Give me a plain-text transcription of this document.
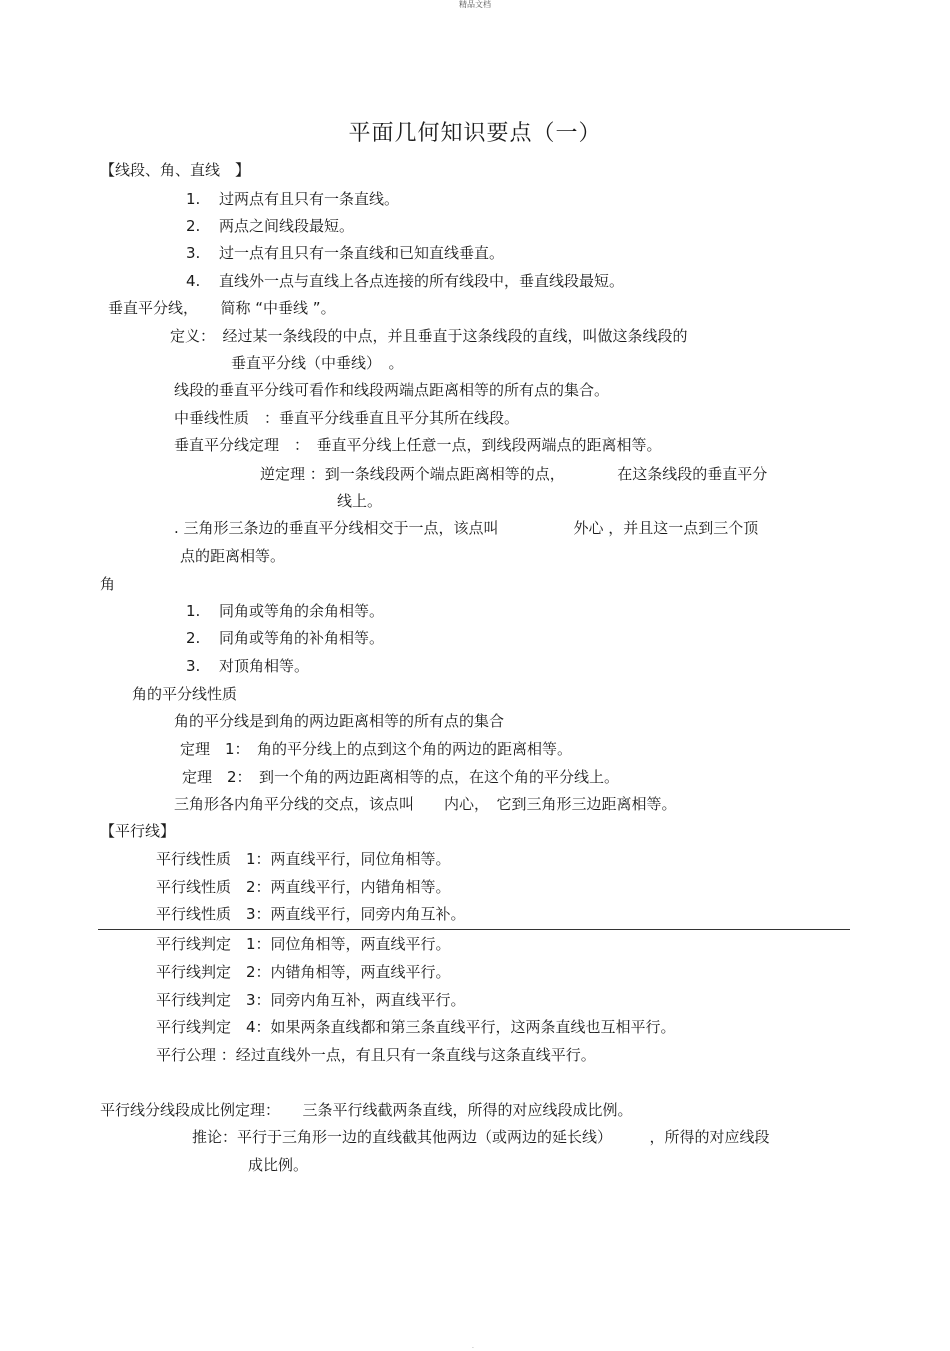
精品文档
平面几何知识要点（一）
【线段、角、直线　】
1. 过两点有且只有一条直线。
2. 两点之间线段最短。
3. 过一点有且只有一条直线和已知直线垂直。
4. 直线外一点与直线上各点连接的所有线段中，垂直线段最短。
垂直平分线，　　简称 “中垂线 ”。
定义：　经过某一条线段的中点，并且垂直于这条线段的直线，叫做这条线段的
垂直平分线（中垂线）　。
线段的垂直平分线可看作和线段两端点距离相等的所有点的集合。
中垂线性质　：垂直平分线垂直且平分其所在线段。
垂直平分线定理　：　垂直平分线上任意一点，到线段两端点的距离相等。
逆定理 ：到一条线段两个端点距离相等的点，　　　　在这条线段的垂直平分
线上。
. 三角形三条边的垂直平分线相交于一点，该点叫　　　　　外心 ，并且这一点到三个顶
点的距离相等。
角
1. 同角或等角的余角相等。
2. 同角或等角的补角相等。
3. 对顶角相等。
角的平分线性质
角的平分线是到角的两边距离相等的所有点的集合
定理　1：　角的平分线上的点到这个角的两边的距离相等。
定理　2：　到一个角的两边距离相等的点，在这个角的平分线上。
三角形各内角平分线的交点，该点叫　　内心，　它到三角形三边距离相等。
【平行线】
平行线性质　1：两直线平行，同位角相等。
平行线性质　2：两直线平行，内错角相等。
平行线性质　3：两直线平行，同旁内角互补。
平行线判定　1：同位角相等，两直线平行。
平行线判定　2：内错角相等，两直线平行。
平行线判定　3：同旁内角互补，两直线平行。
平行线判定　4：如果两条直线都和第三条直线平行，这两条直线也互相平行。
平行公理 ：经过直线外一点，有且只有一条直线与这条直线平行。
平行线分线段成比例定理：　　三条平行线截两条直线，所得的对应线段成比例。
推论：平行于三角形一边的直线截其他两边（或两边的延长线）　　　，所得的对应线段
成比例。
.
